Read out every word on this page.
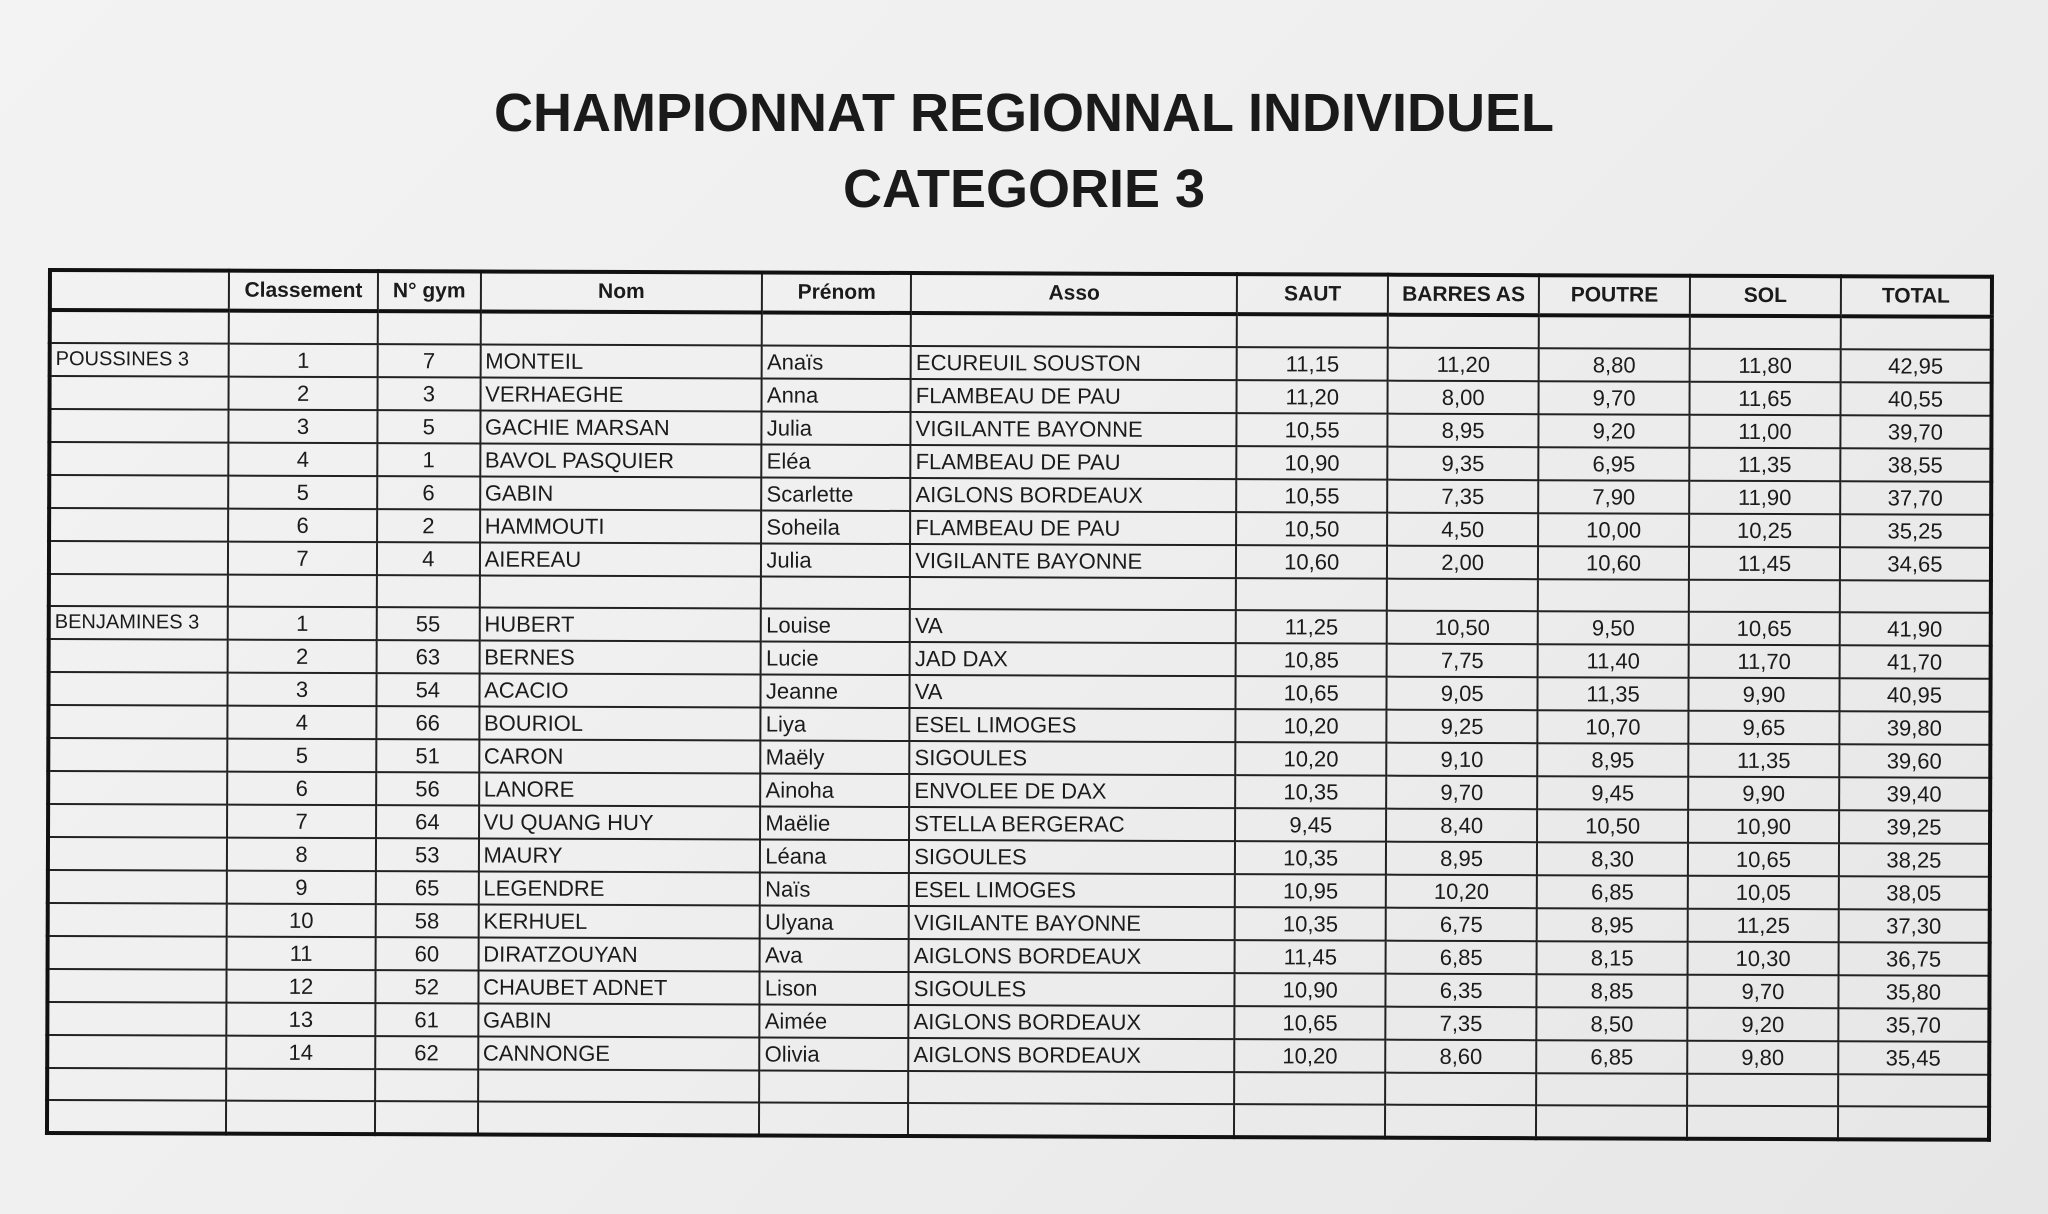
CHAMPIONNAT REGIONNAL INDIVIDUEL
CATEGORIE 3
	Classement	N° gym	Nom	Prénom	Asso	SAUT	BARRES AS	POUTRE	SOL	TOTAL

POUSSINES 3	1	7	MONTEIL	Anaïs	ECUREUIL SOUSTON	11,15	11,20	8,80	11,80	42,95
	2	3	VERHAEGHE	Anna	FLAMBEAU DE PAU	11,20	8,00	9,70	11,65	40,55
	3	5	GACHIE MARSAN	Julia	VIGILANTE BAYONNE	10,55	8,95	9,20	11,00	39,70
	4	1	BAVOL PASQUIER	Eléa	FLAMBEAU DE PAU	10,90	9,35	6,95	11,35	38,55
	5	6	GABIN	Scarlette	AIGLONS BORDEAUX	10,55	7,35	7,90	11,90	37,70
	6	2	HAMMOUTI	Soheila	FLAMBEAU DE PAU	10,50	4,50	10,00	10,25	35,25
	7	4	AIEREAU	Julia	VIGILANTE BAYONNE	10,60	2,00	10,60	11,45	34,65

BENJAMINES 3	1	55	HUBERT	Louise	VA	11,25	10,50	9,50	10,65	41,90
	2	63	BERNES	Lucie	JAD DAX	10,85	7,75	11,40	11,70	41,70
	3	54	ACACIO	Jeanne	VA	10,65	9,05	11,35	9,90	40,95
	4	66	BOURIOL	Liya	ESEL LIMOGES	10,20	9,25	10,70	9,65	39,80
	5	51	CARON	Maëly	SIGOULES	10,20	9,10	8,95	11,35	39,60
	6	56	LANORE	Ainoha	ENVOLEE DE DAX	10,35	9,70	9,45	9,90	39,40
	7	64	VU QUANG HUY	Maëlie	STELLA BERGERAC	9,45	8,40	10,50	10,90	39,25
	8	53	MAURY	Léana	SIGOULES	10,35	8,95	8,30	10,65	38,25
	9	65	LEGENDRE	Naïs	ESEL LIMOGES	10,95	10,20	6,85	10,05	38,05
	10	58	KERHUEL	Ulyana	VIGILANTE BAYONNE	10,35	6,75	8,95	11,25	37,30
	11	60	DIRATZOUYAN	Ava	AIGLONS BORDEAUX	11,45	6,85	8,15	10,30	36,75
	12	52	CHAUBET ADNET	Lison	SIGOULES	10,90	6,35	8,85	9,70	35,80
	13	61	GABIN	Aimée	AIGLONS BORDEAUX	10,65	7,35	8,50	9,20	35,70
	14	62	CANNONGE	Olivia	AIGLONS BORDEAUX	10,20	8,60	6,85	9,80	35,45
